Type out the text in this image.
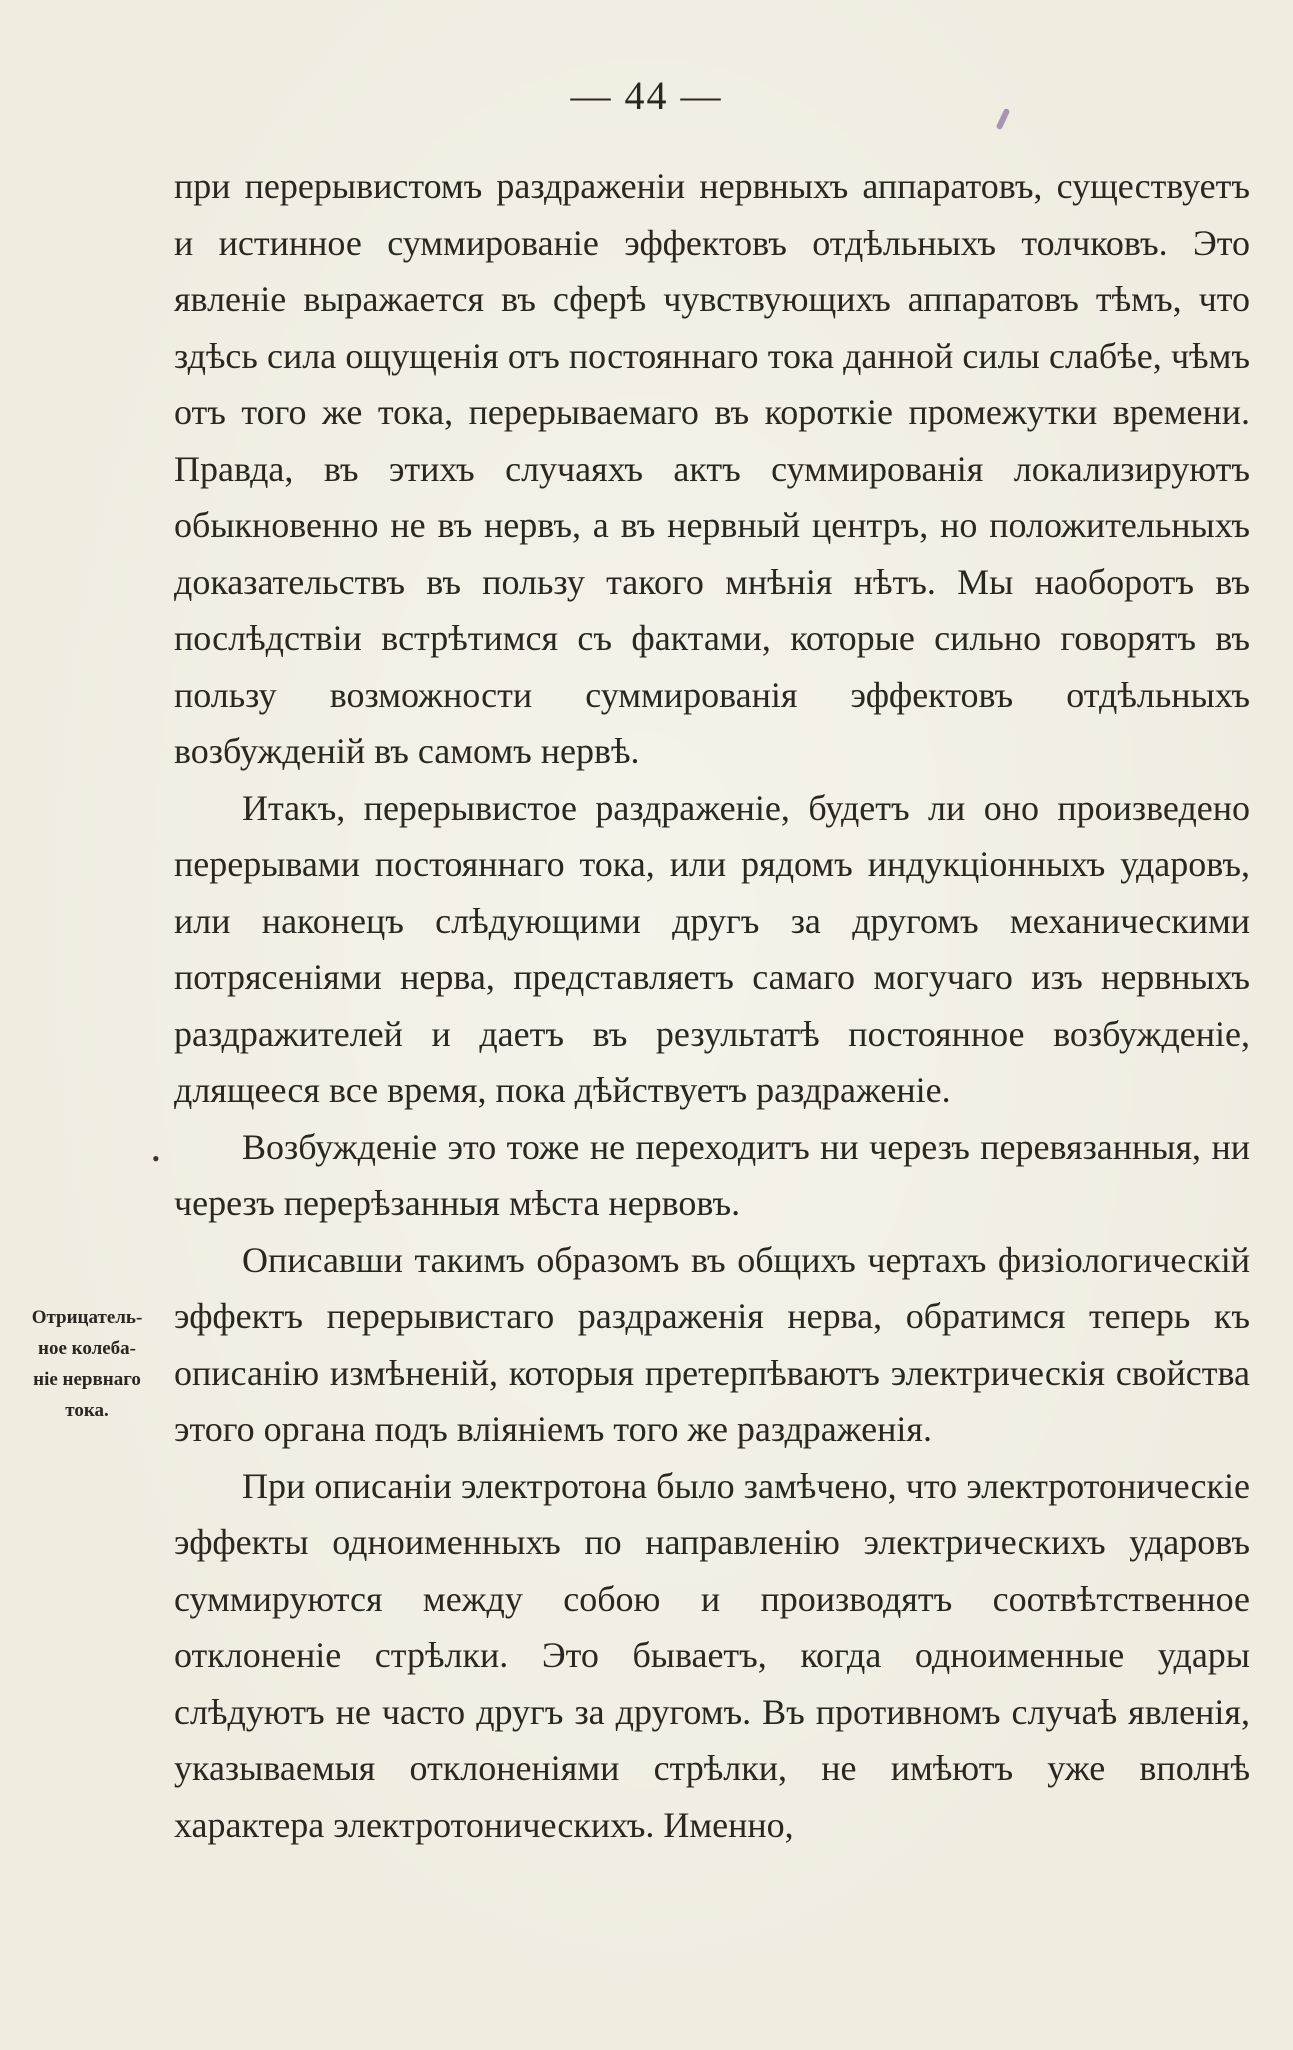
— 44 —
Отрицатель-
ное колеба-
ніе нервнаго
тока.
•

при перерывистомъ раздраженіи нервныхъ аппаратовъ, существуетъ и истинное суммированіе эффектовъ отдѣльныхъ толчковъ. Это явленіе выражается въ сферѣ чувствующихъ аппаратовъ тѣмъ, что здѣсь сила ощущенія отъ постояннаго тока данной силы слабѣе, чѣмъ отъ того же тока, перерываемаго въ короткіе промежутки времени. Правда, въ этихъ случаяхъ актъ суммированія локализируютъ обыкновенно не въ нервъ, а въ нервный центръ, но положительныхъ доказательствъ въ пользу такого мнѣнія нѣтъ. Мы наоборотъ въ послѣдствіи встрѣтимся съ фактами, которые сильно говорятъ въ пользу возможности суммированія эффектовъ отдѣльныхъ возбужденій въ самомъ нервѣ.

Итакъ, перерывистое раздраженіе, будетъ ли оно произведено перерывами постояннаго тока, или рядомъ индукціонныхъ ударовъ, или наконецъ слѣдующими другъ за другомъ механическими потрясеніями нерва, представляетъ самаго могучаго изъ нервныхъ раздражителей и даетъ въ результатѣ постоянное возбужденіе, длящееся все время, пока дѣйствуетъ раздраженіе.

Возбужденіе это тоже не переходитъ ни черезъ перевязанныя, ни черезъ перерѣзанныя мѣста нервовъ.

Описавши такимъ образомъ въ общихъ чертахъ физіологическій эффектъ перерывистаго раздраженія нерва, обратимся теперь къ описанію измѣненій, которыя претерпѣваютъ электрическія свойства этого органа подъ вліяніемъ того же раздраженія.

При описаніи электротона было замѣчено, что электротоническіе эффекты одноименныхъ по направленію электрическихъ ударовъ суммируются между собою и производятъ соотвѣтственное отклоненіе стрѣлки. Это бываетъ, когда одноименные удары слѣдуютъ не часто другъ за другомъ. Въ противномъ случаѣ явленія, указываемыя отклоненіями стрѣлки, не имѣютъ уже вполнѣ характера электротоническихъ. Именно,
